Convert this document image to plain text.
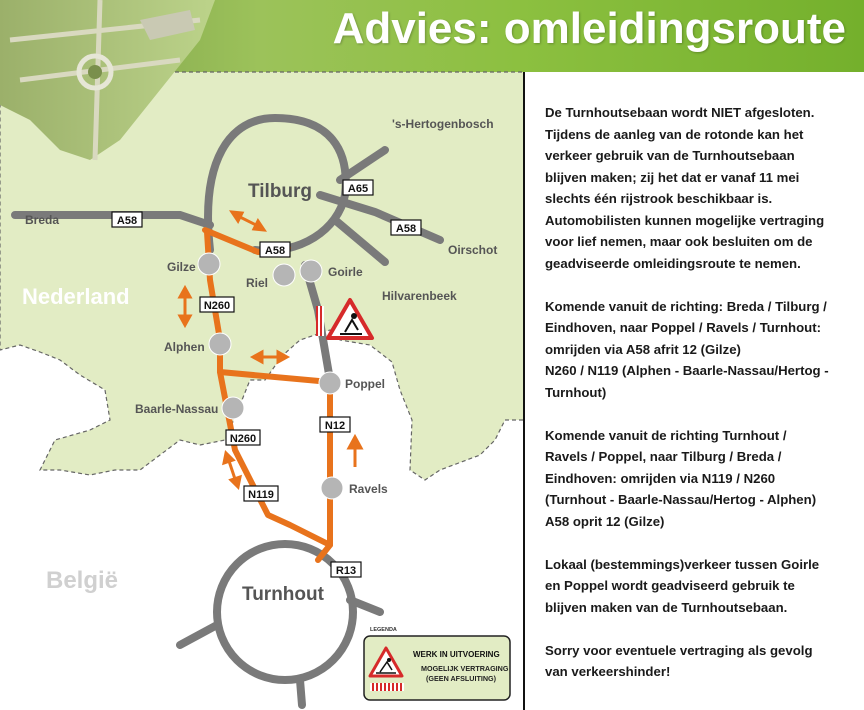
Advies: omleidingsroute
Nederland
België
Tilburg
Turnhout
's-Hertogenbosch
Breda
Oirschot
Hilvarenbeek
Gilze
Riel
Goirle
Alphen
Poppel
Baarle-Nassau
Ravels
A58
A58
A58
A65
N260
N260
N119
N12
R13
LEGENDA
WERK IN UITVOERING
MOGELIJK VERTRAGING
(GEEN AFSLUITING)

De Turnhoutsebaan wordt NIET afgesloten.
Tijdens de aanleg van de rotonde kan het
verkeer gebruik van de Turnhoutsebaan
blijven maken; zij het dat er vanaf 11 mei
slechts één rijstrook beschikbaar is.
Automobilisten kunnen mogelijke vertraging
voor lief nemen, maar ook besluiten om de
geadviseerde omleidingsroute te nemen.

Komende vanuit de richting: Breda / Tilburg /
Eindhoven, naar Poppel / Ravels / Turnhout:
omrijden via A58 afrit 12 (Gilze)
N260 / N119 (Alphen - Baarle-Nassau/Hertog -
Turnhout)

Komende vanuit de richting Turnhout /
Ravels / Poppel, naar Tilburg / Breda /
Eindhoven: omrijden via N119 / N260
(Turnhout - Baarle-Nassau/Hertog - Alphen)
A58 oprit 12 (Gilze)

Lokaal (bestemmings)verkeer tussen Goirle
en Poppel wordt geadviseerd gebruik te
blijven maken van de Turnhoutsebaan.

Sorry voor eventuele vertraging als gevolg
van verkeershinder!
